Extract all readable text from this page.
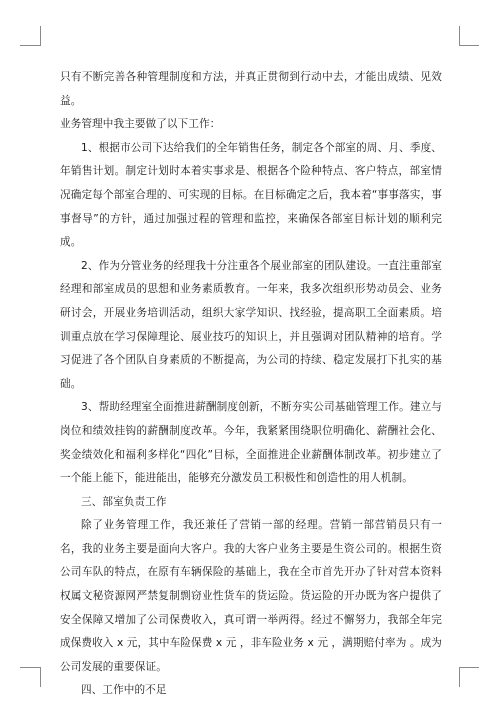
只有不断完善各种管理制度和方法，并真正贯彻到行动中去，才能出成绩、见效益。

业务管理中我主要做了以下工作：

1、根据市公司下达给我们的全年销售任务，制定各个部室的周、月、季度、年销售计划。制定计划时本着实事求是、根据各个险种特点、客户特点，部室情况确定每个部室合理的、可实现的目标。在目标确定之后，我本着“事事落实，事事督导”的方针，通过加强过程的管理和监控，来确保各部室目标计划的顺利完成。

2、作为分管业务的经理我十分注重各个展业部室的团队建设。一直注重部室经理和部室成员的思想和业务素质教育。一年来，我多次组织形势动员会、业务研讨会，开展业务培训活动，组织大家学知识、找经验，提高职工全面素质。培训重点放在学习保障理论、展业技巧的知识上，并且强调对团队精神的培育。学习促进了各个团队自身素质的不断提高，为公司的持续、稳定发展打下扎实的基础。

3、帮助经理室全面推进薪酬制度创新，不断夯实公司基础管理工作。建立与岗位和绩效挂钩的薪酬制度改革。今年，我紧紧围绕职位明确化、薪酬社会化、奖金绩效化和福利多样化“四化”目标，全面推进企业薪酬体制改革。初步建立了一个能上能下，能进能出，能够充分激发员工积极性和创造性的用人机制。

三、部室负责工作

除了业务管理工作，我还兼任了营销一部的经理。营销一部营销员只有一名，我的业务主要是面向大客户。我的大客户业务主要是生资公司的。根据生资公司车队的特点，在原有车辆保险的基础上，我在全市首先开办了针对营本资料权属文秘资源网严禁复制剽窃业性货车的货运险。货运险的开办既为客户提供了安全保障又增加了公司保费收入，真可谓一举两得。经过不懈努力，我部全年完成保费收入 x 元，其中车险保费 x 元 ，非车险业务 x 元 ，满期赔付率为 。成为公司发展的重要保证。

四、工作中的不足
